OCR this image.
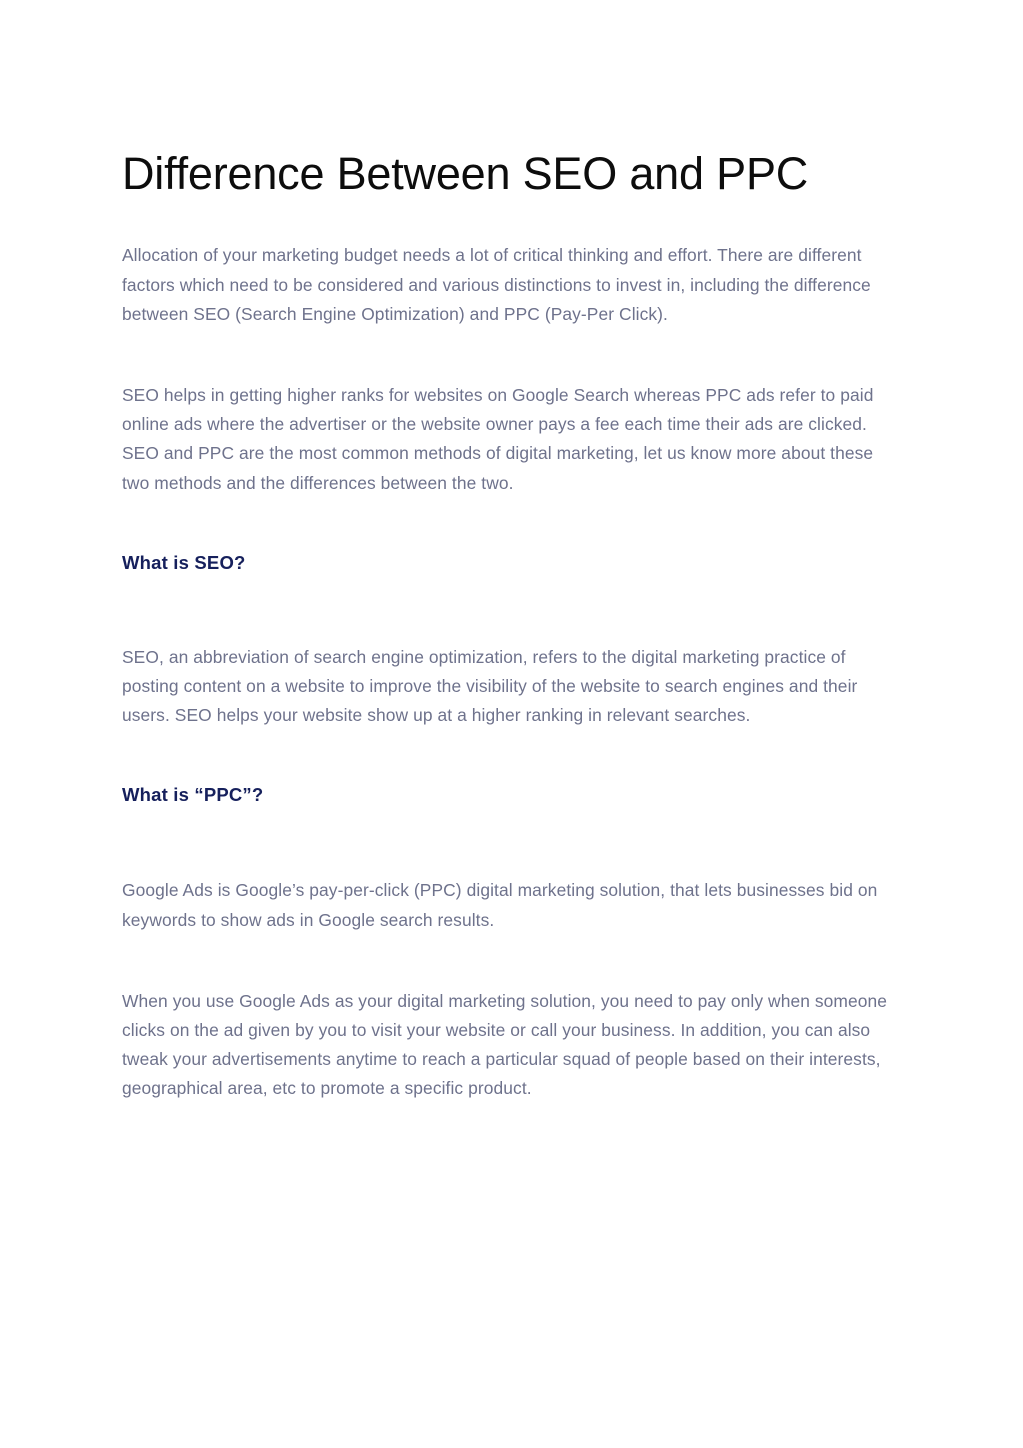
Difference Between SEO and PPC

Allocation of your marketing budget needs a lot of critical thinking and effort. There are different factors which need to be considered and various distinctions to invest in, including the difference between SEO (Search Engine Optimization) and PPC (Pay-Per Click).

SEO helps in getting higher ranks for websites on Google Search whereas PPC ads refer to paid online ads where the advertiser or the website owner pays a fee each time their ads are clicked. SEO and PPC are the most common methods of digital marketing, let us know more about these two methods and the differences between the two.

What is SEO?

SEO, an abbreviation of search engine optimization, refers to the digital marketing practice of posting content on a website to improve the visibility of the website to search engines and their users. SEO helps your website show up at a higher ranking in relevant searches.

What is “PPC”?

Google Ads is Google’s pay-per-click (PPC) digital marketing solution, that lets businesses bid on keywords to show ads in Google search results.

When you use Google Ads as your digital marketing solution, you need to pay only when someone clicks on the ad given by you to visit your website or call your business. In addition, you can also tweak your advertisements anytime to reach a particular squad of people based on their interests, geographical area, etc to promote a specific product.
